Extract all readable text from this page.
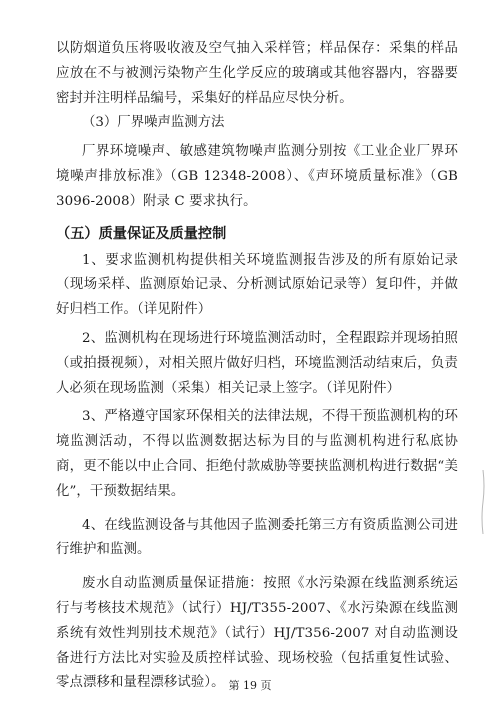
以防烟道负压将吸收液及空气抽入采样管；样品保存：采集的样品应放在不与被测污染物产生化学反应的玻璃或其他容器内，容器要密封并注明样品编号，采集好的样品应尽快分析。

（3）厂界噪声监测方法

厂界环境噪声、敏感建筑物噪声监测分别按《工业企业厂界环境噪声排放标准》（GB 12348-2008）、《声环境质量标准》（GB 3096-2008）附录 C 要求执行。

（五）质量保证及质量控制

1、要求监测机构提供相关环境监测报告涉及的所有原始记录（现场采样、监测原始记录、分析测试原始记录等）复印件，并做好归档工作。（详见附件）

2、监测机构在现场进行环境监测活动时，全程跟踪并现场拍照（或拍摄视频），对相关照片做好归档，环境监测活动结束后，负责人必须在现场监测（采集）相关记录上签字。（详见附件）

3、严格遵守国家环保相关的法律法规，不得干预监测机构的环境监测活动，不得以监测数据达标为目的与监测机构进行私底协商，更不能以中止合同、拒绝付款威胁等要挟监测机构进行数据“美化”，干预数据结果。

4、在线监测设备与其他因子监测委托第三方有资质监测公司进行维护和监测。

废水自动监测质量保证措施：按照《水污染源在线监测系统运行与考核技术规范》（试行）HJ/T355-2007、《水污染源在线监测系统有效性判别技术规范》（试行）HJ/T356-2007 对自动监测设备进行方法比对实验及质控样试验、现场校验（包括重复性试验、零点漂移和量程漂移试验）。 第 19 页
